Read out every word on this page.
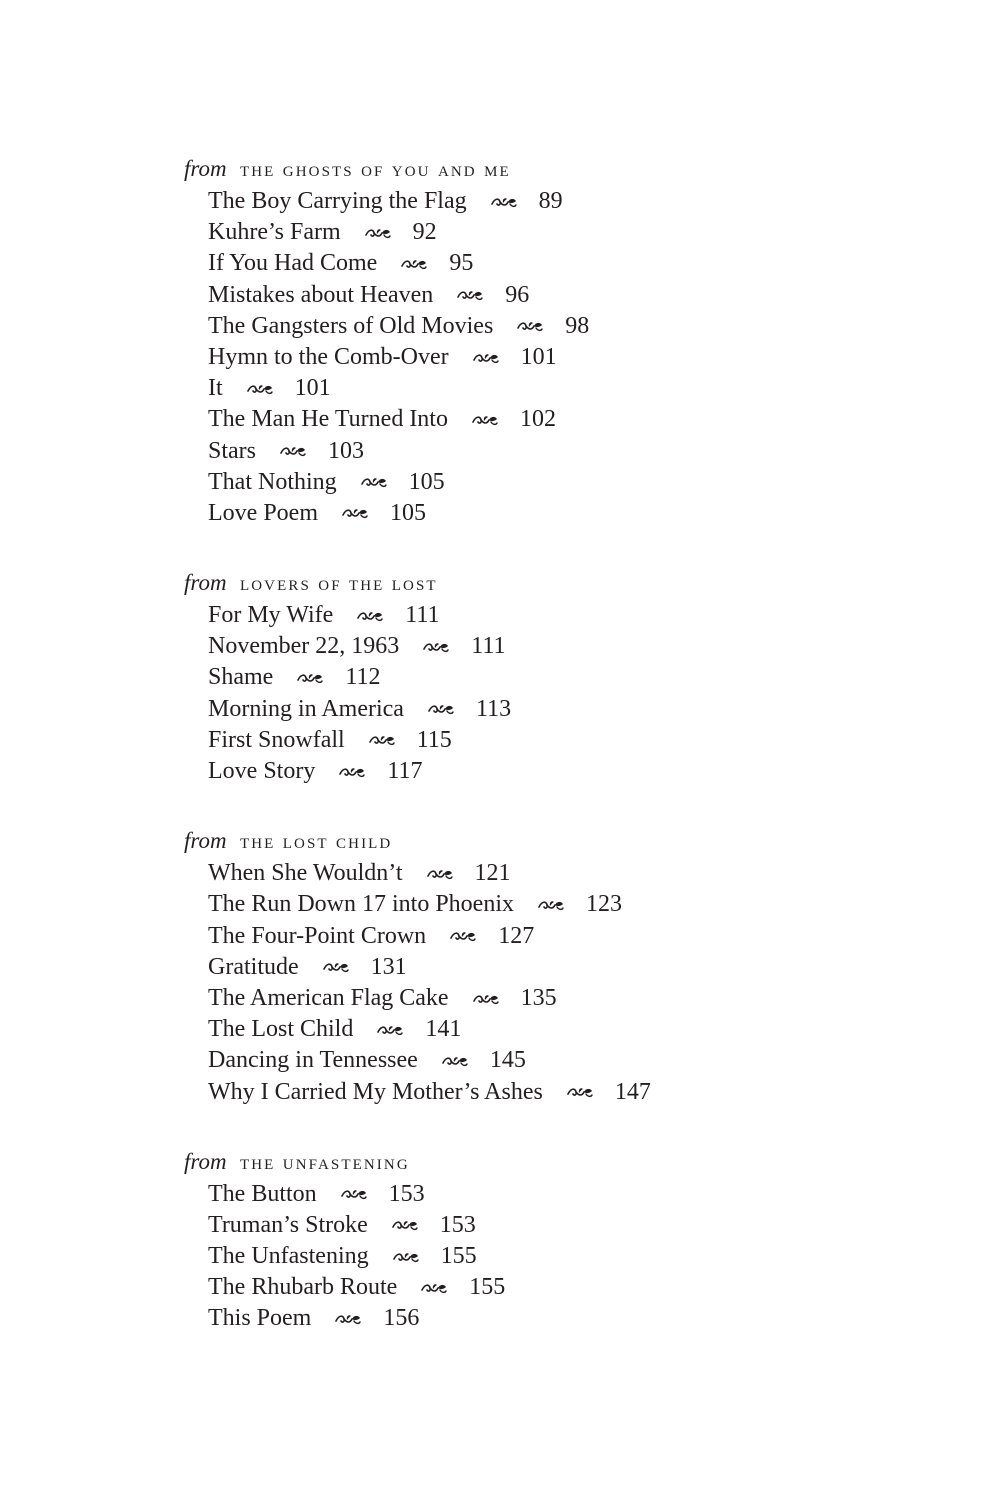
from the ghosts of you and me
The Boy Carrying the Flag	89
Kuhre’s Farm	92
If You Had Come	95
Mistakes about Heaven	96
The Gangsters of Old Movies	98
Hymn to the Comb-Over	101
It	101
The Man He Turned Into	102
Stars	103
That Nothing	105
Love Poem	105
from lovers of the lost
For My Wife	111
November 22, 1963	111
Shame	112
Morning in America	113
First Snowfall	115
Love Story	117
from the lost child
When She Wouldn’t	121
The Run Down 17 into Phoenix	123
The Four-Point Crown	127
Gratitude	131
The American Flag Cake	135
The Lost Child	141
Dancing in Tennessee	145
Why I Carried My Mother’s Ashes	147
from the unfastening
The Button	153
Truman’s Stroke	153
The Unfastening	155
The Rhubarb Route	155
This Poem	156
